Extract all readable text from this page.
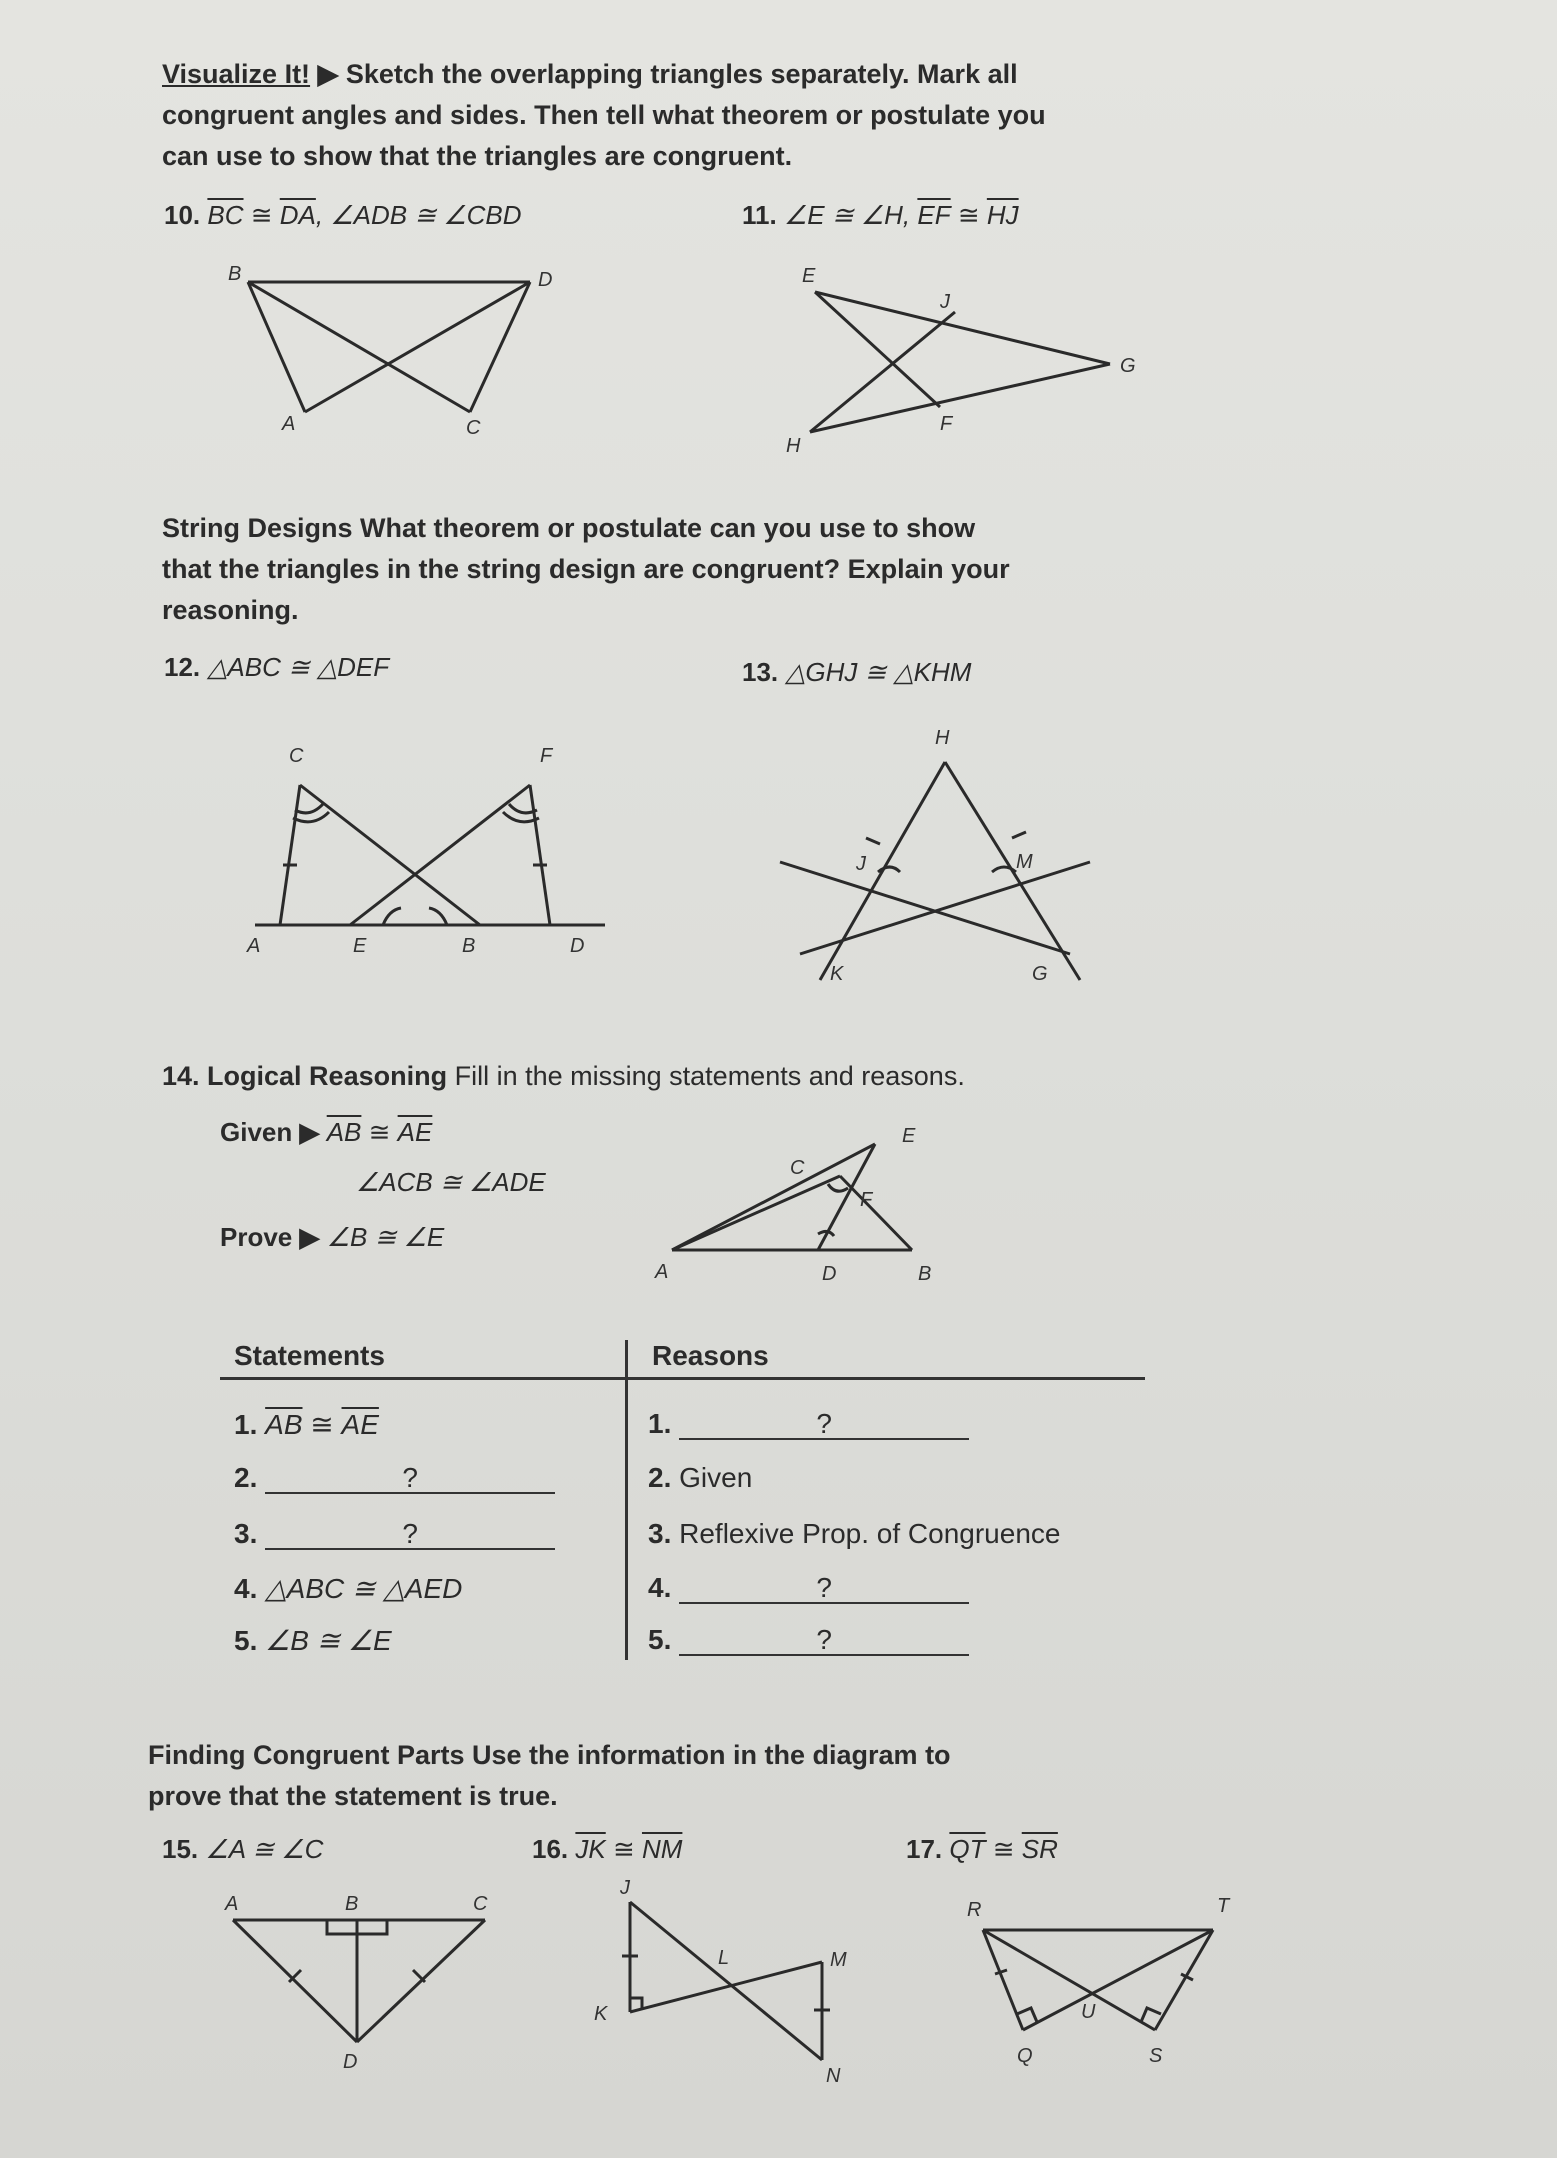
Visualize It! ▶ Sketch the overlapping triangles separately. Mark all
congruent angles and sides. Then tell what theorem or postulate you
can use to show that the triangles are congruent.
10. $\overline{BC}$ ≅ $\overline{DA}$, ∠ADB ≅ ∠CBD
B	D
A	C
11. ∠E ≅ ∠H, $\overline{EF}$ ≅ $\overline{HJ}$
E
J
G
H
F
String Designs What theorem or postulate can you use to show
that the triangles in the string design are congruent? Explain your
reasoning.
12. △ABC ≅ △DEF
C	F
A	E	B	D
13. △GHJ ≅ △KHM
H
J	M
K	G
14. Logical Reasoning Fill in the missing statements and reasons.
Given ▶ $\overline{AB}$ ≅ $\overline{AE}$
∠ACB ≅ ∠ADE
Prove ▶ ∠B ≅ ∠E
C
E
F
A	D	B
Statements	Reasons
1. $\overline{AB}$ ≅ $\overline{AE}$	1.	?
2.	?	2. Given
3.	?	3. Reflexive Prop. of Congruence
4. △ABC ≅ △AED	4.	?
5. ∠B ≅ ∠E	5.	?
Finding Congruent Parts Use the information in the diagram to
prove that the statement is true.
15. ∠A ≅ ∠C
A	B	C
D
16. $\overline{JK}$ ≅ $\overline{NM}$
J
L	M
K
N
17. $\overline{QT}$ ≅ $\overline{SR}$
R	T
U
Q	S
